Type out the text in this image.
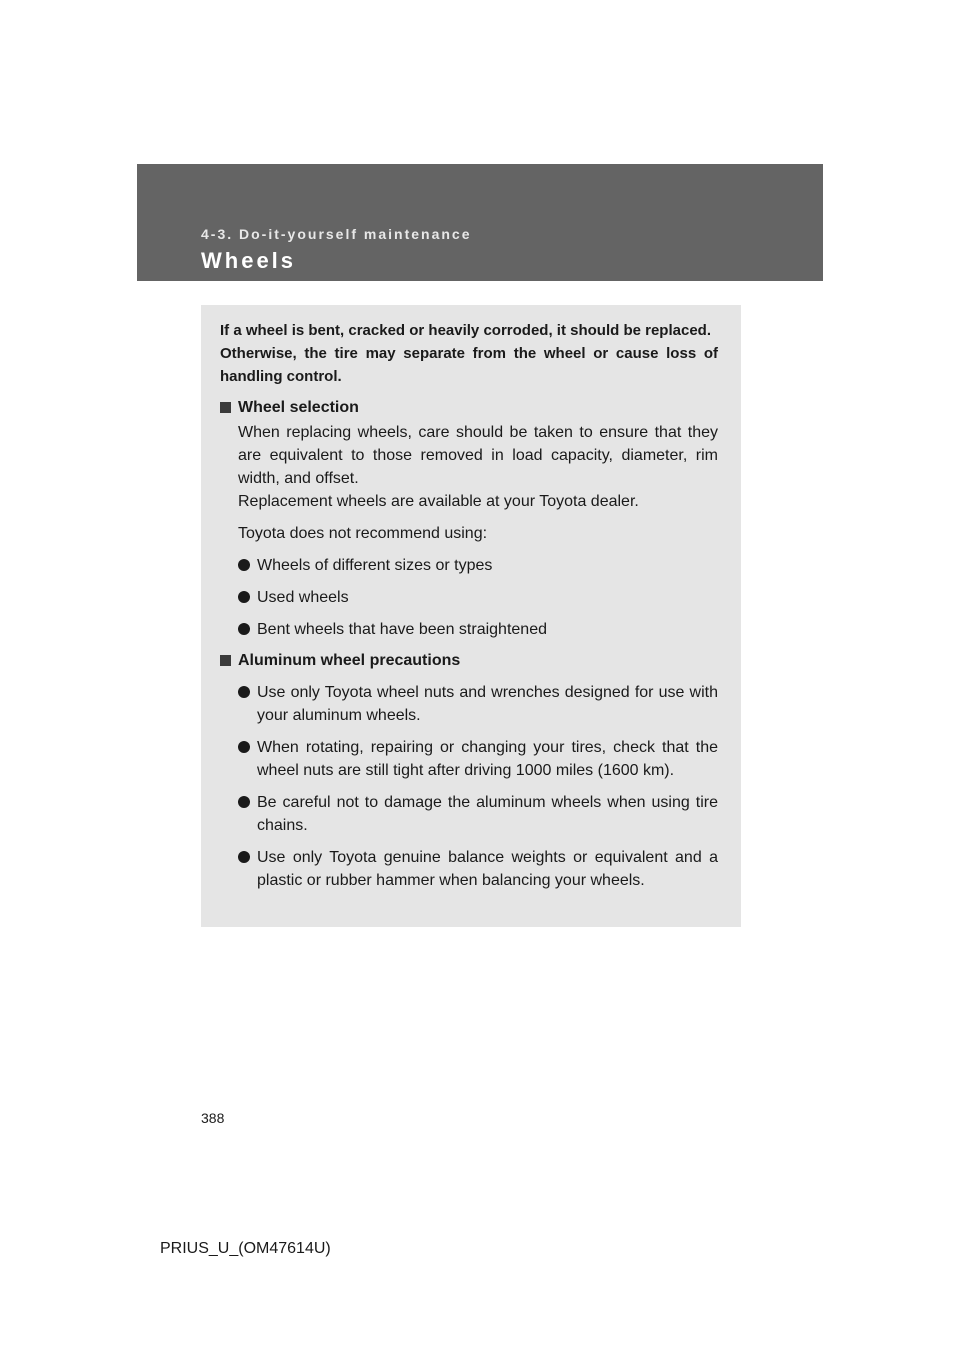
4-3. Do-it-yourself maintenance
Wheels

If a wheel is bent, cracked or heavily corroded, it should be replaced.

Otherwise, the tire may separate from the wheel or cause loss of handling control.

Wheel selection

When replacing wheels, care should be taken to ensure that they are equivalent to those removed in load capacity, diameter, rim width, and offset.

Replacement wheels are available at your Toyota dealer.

Toyota does not recommend using:

Wheels of different sizes or types
Used wheels
Bent wheels that have been straightened
Aluminum wheel precautions
Use only Toyota wheel nuts and wrenches designed for use with your aluminum wheels.
When rotating, repairing or changing your tires, check that the wheel nuts are still tight after driving 1000 miles (1600 km).
Be careful not to damage the aluminum wheels when using tire chains.
Use only Toyota genuine balance weights or equivalent and a plastic or rubber hammer when balancing your wheels.
388
PRIUS_U_(OM47614U)
